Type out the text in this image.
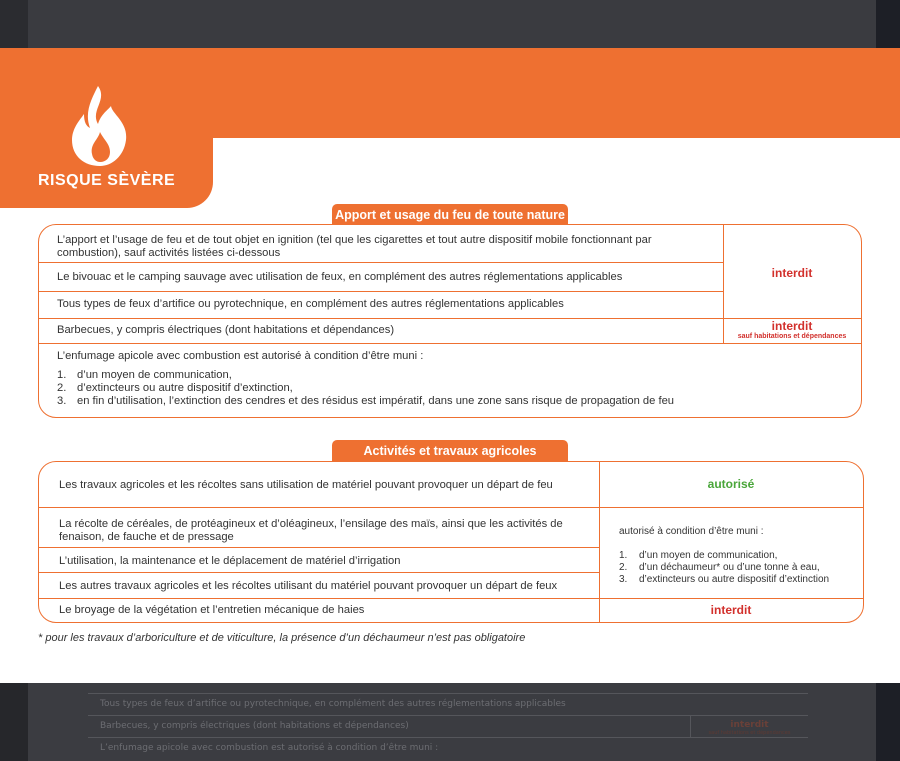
Tous types de feux d’artifice ou pyrotechnique, en complément des autres réglementations applicables
Barbecues, y compris électriques (dont habitations et dépendances)	interdit
sauf habitations et dépendances
L’enfumage apicole avec combustion est autorisé à condition d’être muni :
RISQUE SÈVÈRE
Apport et usage du feu de toute nature
L’apport et l’usage de feu et de tout objet en ignition (tel que les cigarettes et tout autre dispositif mobile fonctionnant par combustion), sauf activités listées ci-dessous
Le bivouac et le camping sauvage avec utilisation de feux, en complément des autres réglementations applicables
Tous types de feux d’artifice ou pyrotechnique, en complément des autres réglementations applicables
Barbecues, y compris électriques (dont habitations et dépendances)
interdit
interdit
sauf habitations et dépendances
L’enfumage apicole avec combustion est autorisé à condition d’être muni :
1. d’un moyen de communication,
2. d’extincteurs ou autre dispositif d’extinction,
3. en fin d’utilisation, l’extinction des cendres et des résidus est impératif, dans une zone sans risque de propagation de feu
Activités et travaux agricoles
Les travaux agricoles et les récoltes sans utilisation de matériel pouvant provoquer un départ de feu
La récolte de céréales, de protéagineux et d’oléagineux, l’ensilage des maïs, ainsi que les activités de fenaison, de fauche et de pressage
L’utilisation, la maintenance et le déplacement de matériel d’irrigation
Les autres travaux agricoles et les récoltes utilisant du matériel pouvant provoquer un départ de feux
Le broyage de la végétation et l’entretien mécanique de haies
autorisé
autorisé à condition d’être muni :
1. d’un moyen de communication,
2. d’un déchaumeur* ou d’une tonne à eau,
3. d’extincteurs ou autre dispositif d’extinction
interdit
* pour les travaux d’arboriculture et de viticulture, la présence d’un déchaumeur n’est pas obligatoire
